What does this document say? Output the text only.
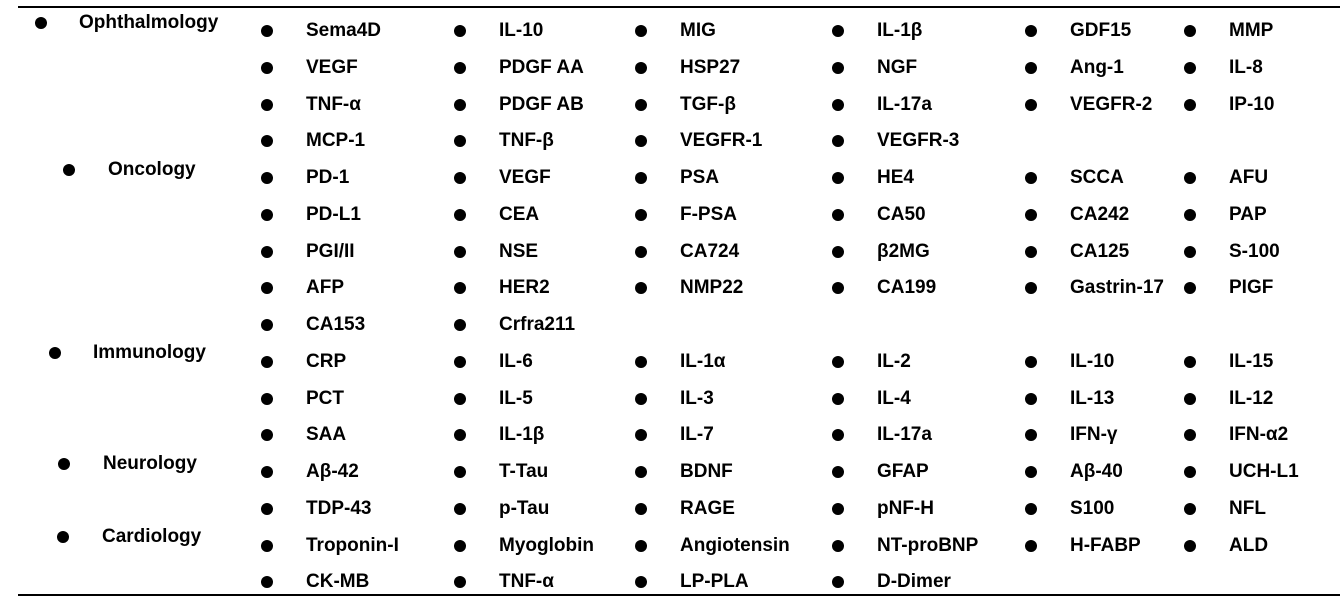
Ophthalmology	Sema4D	IL-10	MIG	IL-1β	GDF15	MMP
VEGF	PDGF AA	HSP27	NGF	Ang-1	IL-8
TNF-α	PDGF AB	TGF-β	IL-17a	VEGFR-2	IP-10
MCP-1	TNF-β	VEGFR-1	VEGFR-3
Oncology	PD-1	VEGF	PSA	HE4	SCCA	AFU
PD-L1	CEA	F-PSA	CA50	CA242	PAP
PGI/II	NSE	CA724	β2MG	CA125	S-100
AFP	HER2	NMP22	CA199	Gastrin-17	PIGF
CA153	Crfra211
Immunology	CRP	IL-6	IL-1α	IL-2	IL-10	IL-15
PCT	IL-5	IL-3	IL-4	IL-13	IL-12
SAA	IL-1β	IL-7	IL-17a	IFN-γ	IFN-α2
Neurology	Aβ-42	T-Tau	BDNF	GFAP	Aβ-40	UCH-L1
TDP-43	p-Tau	RAGE	pNF-H	S100	NFL
Cardiology	Troponin-I	Myoglobin	Angiotensin	NT-proBNP	H-FABP	ALD
CK-MB	TNF-α	LP-PLA	D-Dimer
